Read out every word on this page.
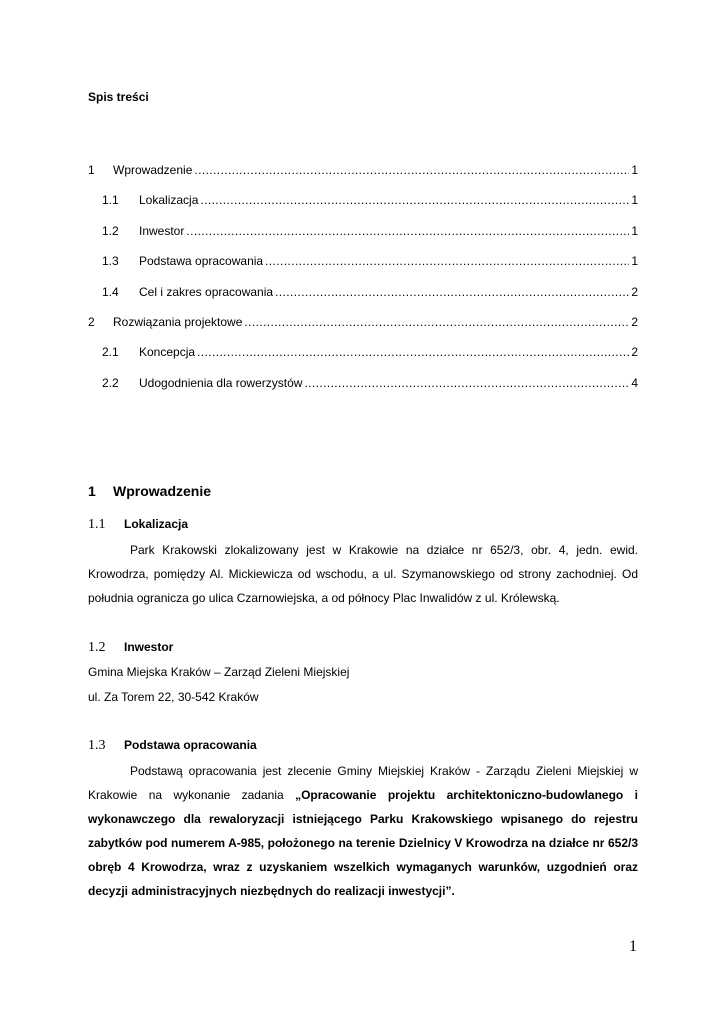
Spis treści
1	Wprowadzenie .....	1
1.1	Lokalizacja .....	1
1.2	Inwestor .....	1
1.3	Podstawa opracowania .....	1
1.4	Cel i zakres opracowania .....	2
2	Rozwiązania projektowe .....	2
2.1	Koncepcja .....	2
2.2	Udogodnienia dla rowerzystów .....	4
1 Wprowadzenie
1.1	Lokalizacja
Park Krakowski zlokalizowany jest w Krakowie na działce nr 652/3, obr. 4, jedn. ewid. Krowodrza, pomiędzy Al. Mickiewicza od wschodu, a ul. Szymanowskiego od strony zachodniej. Od południa ogranicza go ulica Czarnowiejska, a od północy Plac Inwalidów z ul. Królewską.
1.2	Inwestor
Gmina Miejska Kraków – Zarząd Zieleni Miejskiej
ul. Za Torem 22, 30-542 Kraków
1.3	Podstawa opracowania
Podstawą opracowania jest zlecenie Gminy Miejskiej Kraków - Zarządu Zieleni Miejskiej w Krakowie na wykonanie zadania „Opracowanie projektu architektoniczno-budowlanego i wykonawczego dla rewaloryzacji istniejącego Parku Krakowskiego wpisanego do rejestru zabytków pod numerem A-985, położonego na terenie Dzielnicy V Krowodrza na działce nr 652/3 obręb 4 Krowodrza, wraz z uzyskaniem wszelkich wymaganych warunków, uzgodnień oraz decyzji administracyjnych niezbędnych do realizacji inwestycji”.
1
